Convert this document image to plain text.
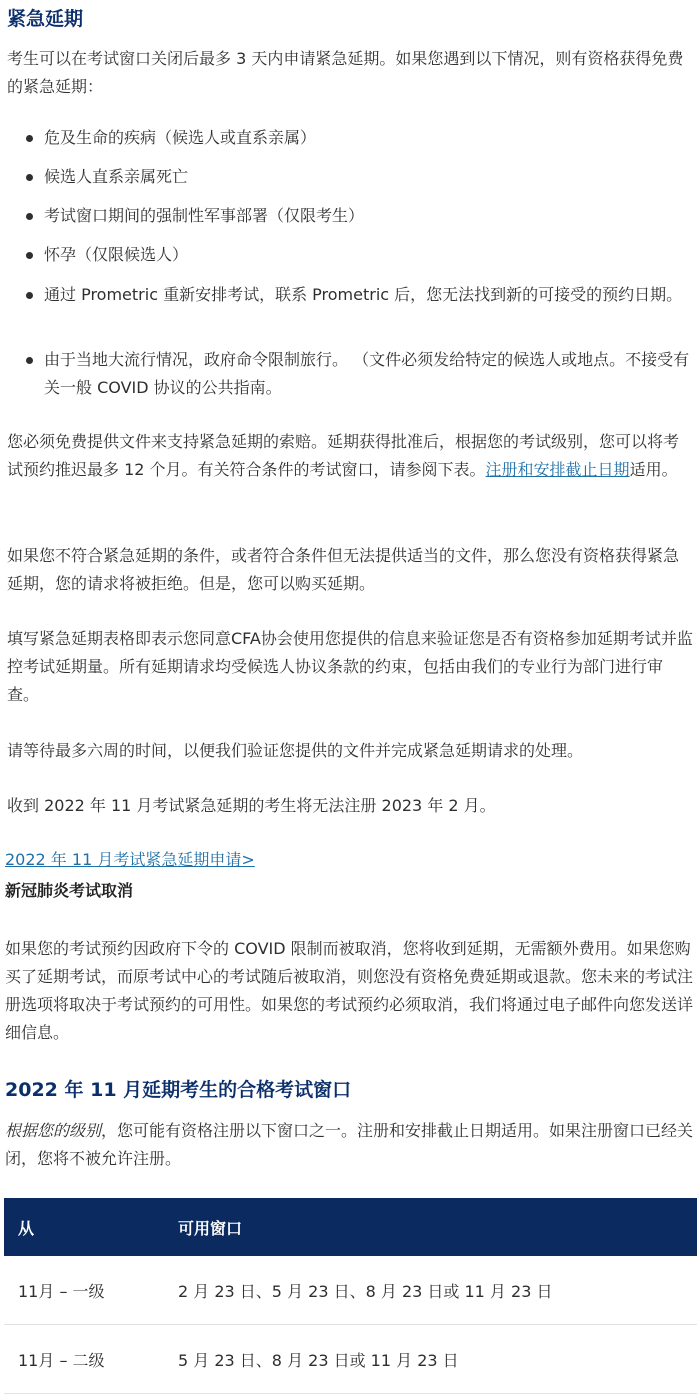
紧急延期

考生可以在考试窗口关闭后最多 3 天内申请紧急延期。如果您遇到以下情况，则有资格获得免费的紧急延期：

危及生命的疾病（候选人或直系亲属）
候选人直系亲属死亡
考试窗口期间的强制性军事部署（仅限考生）
怀孕（仅限候选人）
通过 Prometric 重新安排考试，联系 Prometric 后，您无法找到新的可接受的预约日期。
由于当地大流行情况，政府命令限制旅行。 （文件必须发给特定的候选人或地点。不接受有关一般 COVID 协议的公共指南。

您必须免费提供文件来支持紧急延期的索赔。延期获得批准后，根据您的考试级别，您可以将考试预约推迟最多 12 个月。有关符合条件的考试窗口，请参阅下表。注册和安排截止日期适用。

如果您不符合紧急延期的条件，或者符合条件但无法提供适当的文件，那么您没有资格获得紧急延期，您的请求将被拒绝。但是，您可以购买延期。

填写紧急延期表格即表示您同意CFA协会使用您提供的信息来验证您是否有资格参加延期考试并监控考试延期量。所有延期请求均受候选人协议条款的约束，包括由我们的专业行为部门进行审查。

请等待最多六周的时间，以便我们验证您提供的文件并完成紧急延期请求的处理。

收到 2022 年 11 月考试紧急延期的考生将无法注册 2023 年 2 月。

2022 年 11 月考试紧急延期申请>

新冠肺炎考试取消

如果您的考试预约因政府下令的 COVID 限制而被取消，您将收到延期，无需额外费用。如果您购买了延期考试，而原考试中心的考试随后被取消，则您没有资格免费延期或退款。您未来的考试注册选项将取决于考试预约的可用性。如果您的考试预约必须取消，我们将通过电子邮件向您发送详细信息。

2022 年 11 月延期考生的合格考试窗口

根据您的级别，您可能有资格注册以下窗口之一。注册和安排截止日期适用。如果注册窗口已经关闭，您将不被允许注册。

从	可用窗口
11月 – 一级	2 月 23 日、5 月 23 日、8 月 23 日或 11 月 23 日
11月 – 二级	5 月 23 日、8 月 23 日或 11 月 23 日
